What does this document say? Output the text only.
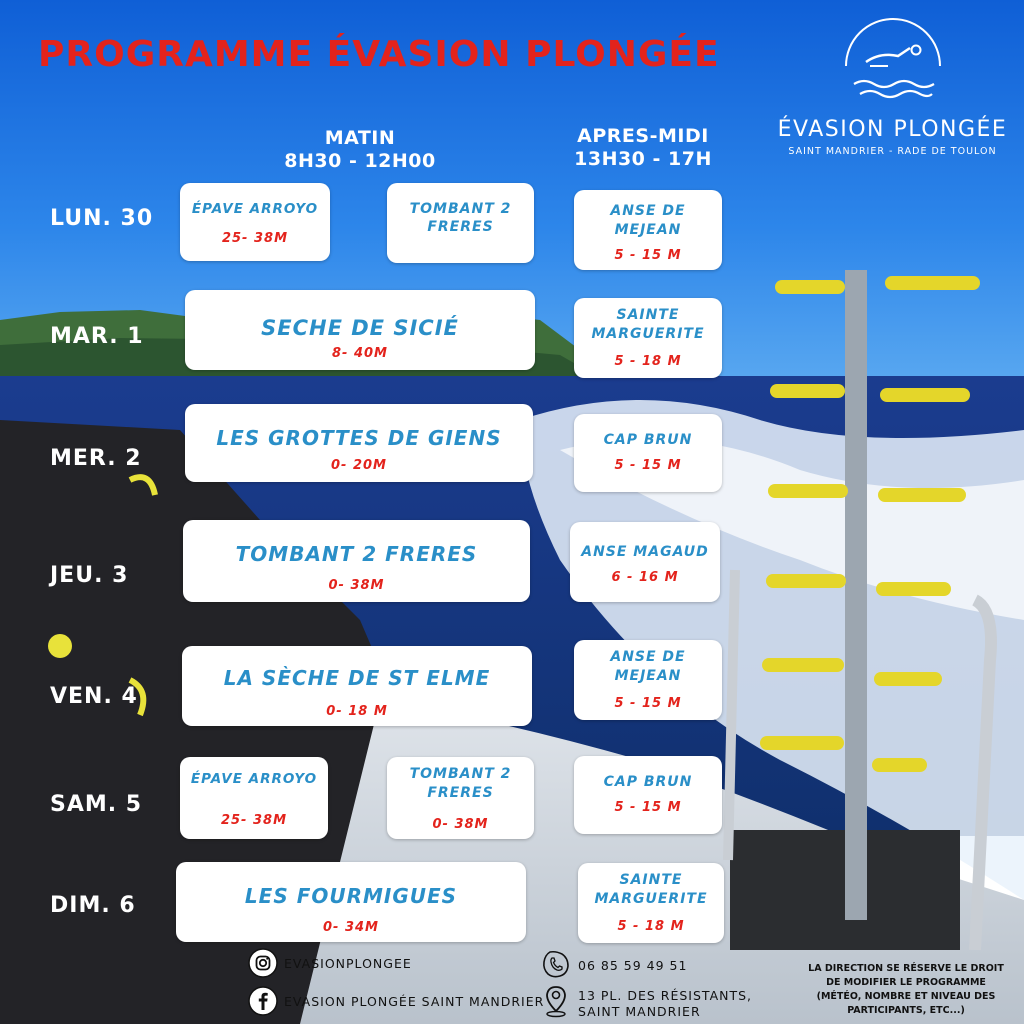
PROGRAMME ÉVASION PLONGÉE
ÉVASION PLONGÉE
SAINT MANDRIER - RADE DE TOULON
MATIN
8H30 - 12H00
APRES-MIDI
13H30 - 17H
LUN. 30
MAR. 1
MER. 2
JEU. 3
VEN. 4
SAM. 5
DIM. 6
ÉPAVE ARROYO
25- 38M
TOMBANT 2
FRERES
ANSE DE
MEJEAN
5 - 15 M
SECHE DE SICIÉ
8- 40M
SAINTE
MARGUERITE
5 - 18 M
LES GROTTES DE GIENS
0- 20M
CAP BRUN
5 - 15 M
TOMBANT 2 FRERES
0- 38M
ANSE MAGAUD
6 - 16 M
LA SÈCHE DE ST ELME
0- 18 M
ANSE DE
MEJEAN
5 - 15 M
ÉPAVE ARROYO
25- 38M
TOMBANT 2
FRERES
0- 38M
CAP BRUN
5 - 15 M
LES FOURMIGUES
0- 34M
SAINTE
MARGUERITE
5 - 18 M
EVASIONPLONGEE
EVASION PLONGÉE SAINT MANDRIER
06 85 59 49 51
13 PL. DES RÉSISTANTS,
SAINT MANDRIER
LA DIRECTION SE RÉSERVE LE DROIT
DE MODIFIER LE PROGRAMME
(MÉTÉO, NOMBRE ET NIVEAU DES
PARTICIPANTS, ETC...)
